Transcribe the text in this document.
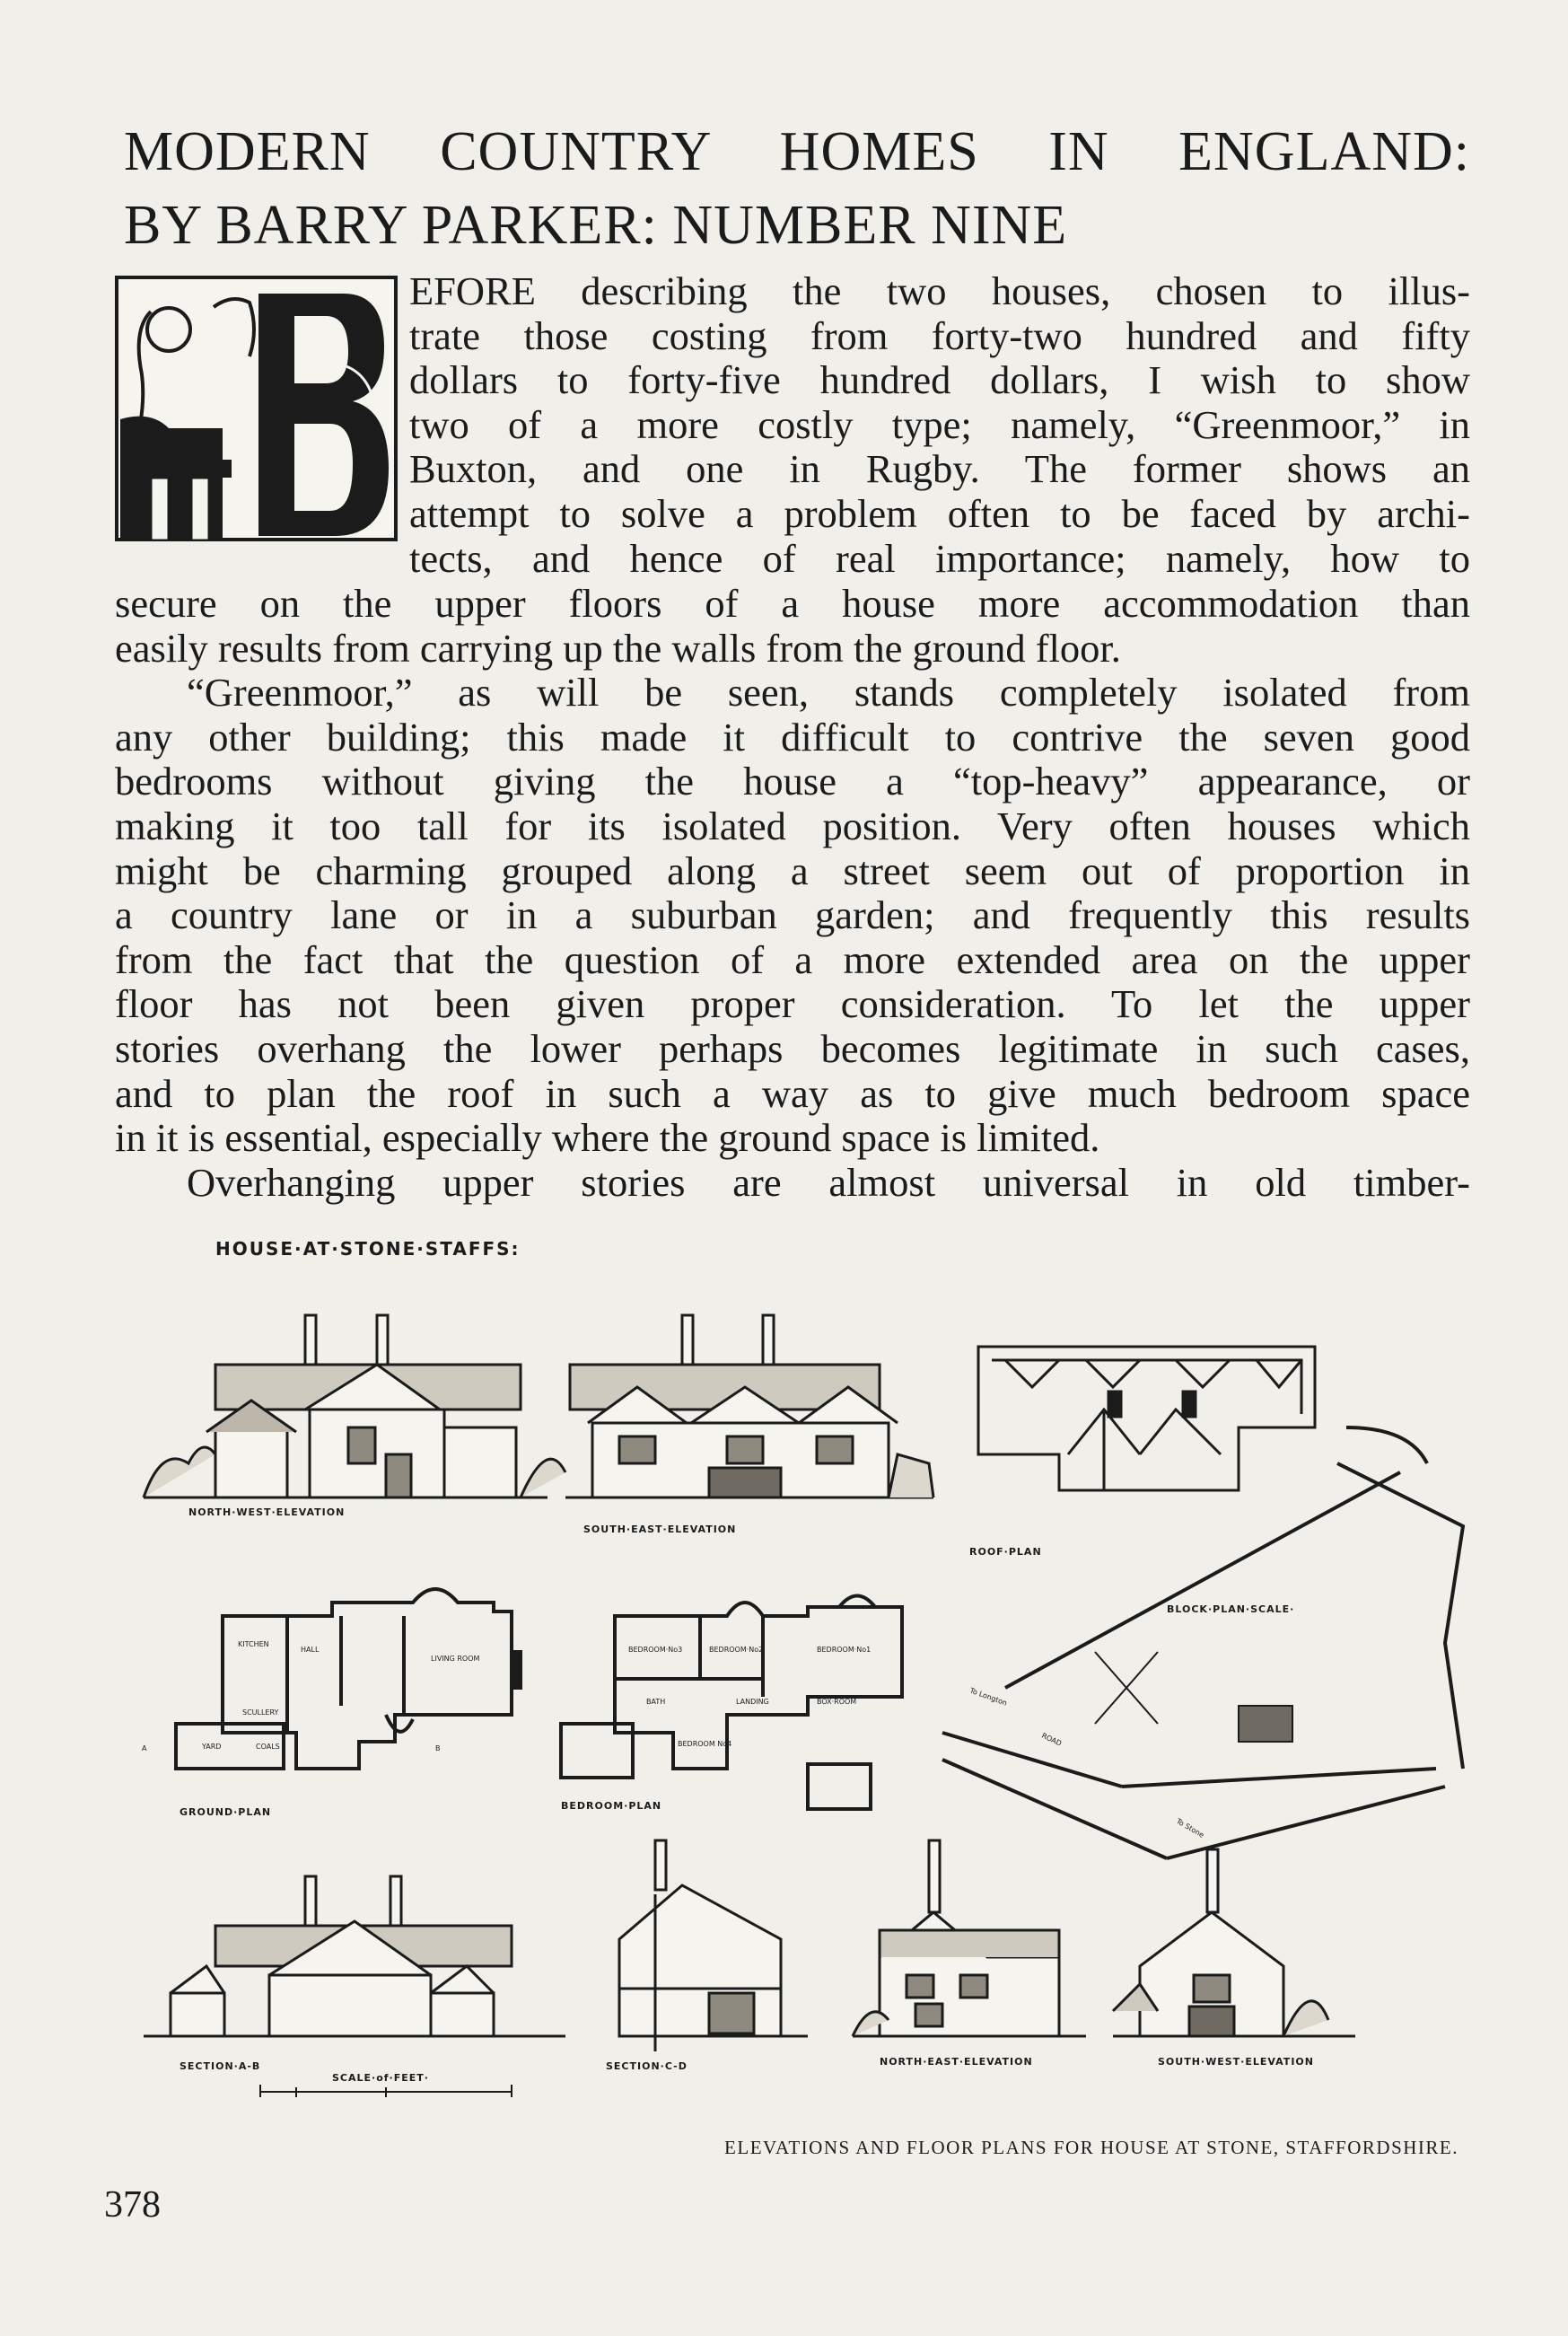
MODERN COUNTRY HOMES IN ENGLAND:
BY BARRY PARKER: NUMBER NINE
EFORE describing the two houses, chosen to illus-
trate those costing from forty-two hundred and fifty
dollars to forty-five hundred dollars, I wish to show
two of a more costly type; namely, “Greenmoor,” in
Buxton, and one in Rugby. The former shows an
attempt to solve a problem often to be faced by archi-
tects, and hence of real importance; namely, how to
secure on the upper floors of a house more accommodation than
easily results from carrying up the walls from the ground floor.
“Greenmoor,” as will be seen, stands completely isolated from
any other building; this made it difficult to contrive the seven good
bedrooms without giving the house a “top-heavy” appearance, or
making it too tall for its isolated position. Very often houses which
might be charming grouped along a street seem out of proportion in
a country lane or in a suburban garden; and frequently this results
from the fact that the question of a more extended area on the upper
floor has not been given proper consideration. To let the upper
stories overhang the lower perhaps becomes legitimate in such cases,
and to plan the roof in such a way as to give much bedroom space
in it is essential, especially where the ground space is limited.
Overhanging upper stories are almost universal in old timber-
HOUSE·AT·STONE·STAFFS:
NORTH·WEST·ELEVATION
SOUTH·EAST·ELEVATION
ROOF·PLAN
BLOCK·PLAN·SCALE·
To Longton
ROAD
To Stone
KITCHEN
HALL
LIVING ROOM
SCULLERY
YARD	COALS
A	B
GROUND·PLAN
BEDROOM·No3	BEDROOM·No2	BEDROOM·No1
BATH	LANDING	BOX·ROOM
BEDROOM No4
BEDROOM·PLAN
SECTION·A-B	SECTION·C-D	NORTH·EAST·ELEVATION	SOUTH·WEST·ELEVATION
SCALE·of·FEET·
ELEVATIONS AND FLOOR PLANS FOR HOUSE AT STONE, STAFFORDSHIRE.
378
